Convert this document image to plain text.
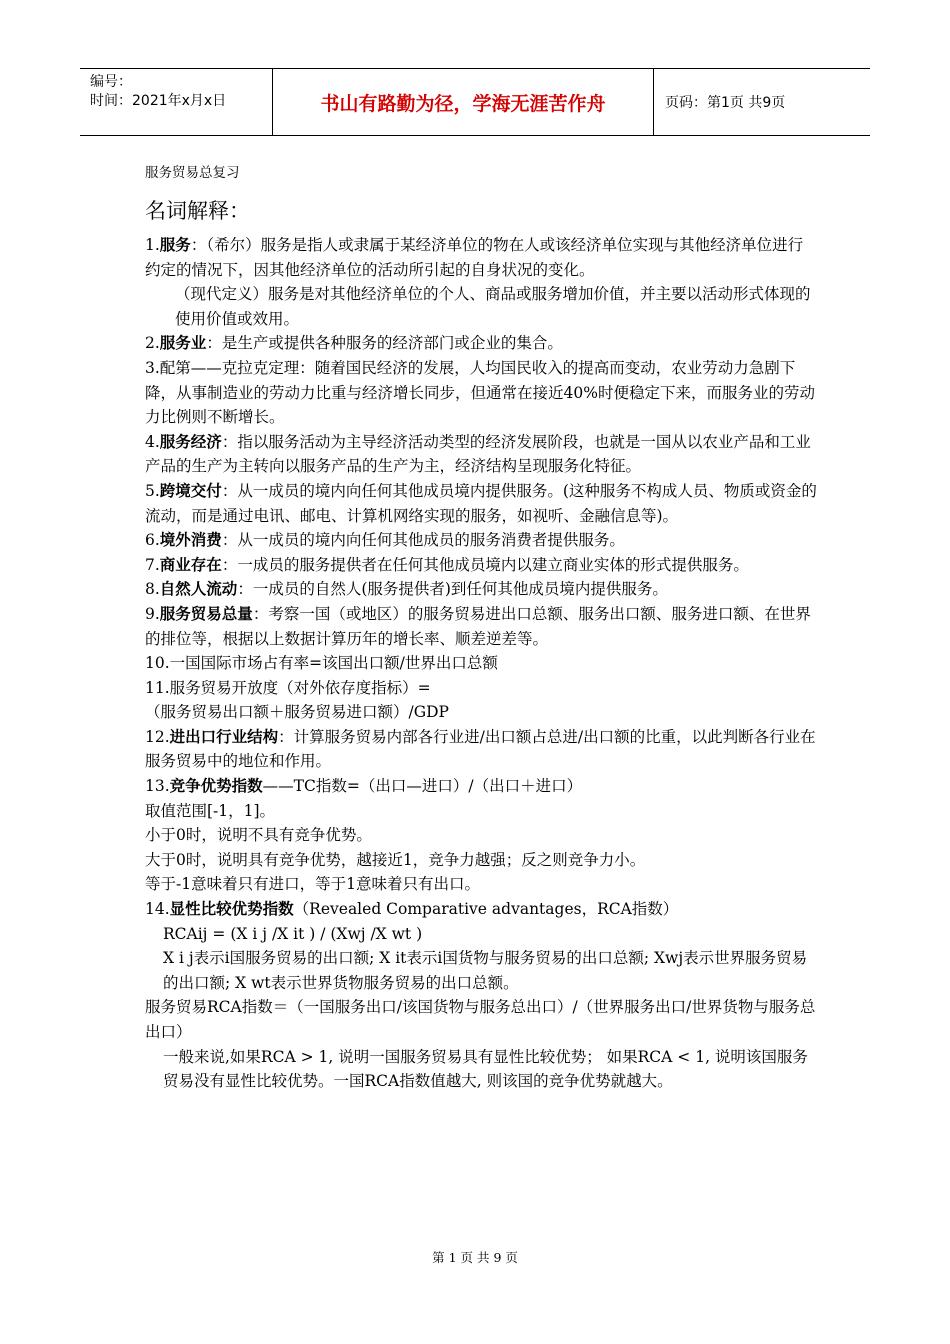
编号：
时间：2021年x月x日	书山有路勤为径，学海无涯苦作舟	页码：第1页 共9页
服务贸易总复习
名词解释：

1.服务：（希尔）服务是指人或隶属于某经济单位的物在人或该经济单位实现与其他经济单位进行约定的情况下，因其他经济单位的活动所引起的自身状况的变化。

（现代定义）服务是对其他经济单位的个人、商品或服务增加价值，并主要以活动形式体现的使用价值或效用。

2.服务业：是生产或提供各种服务的经济部门或企业的集合。

3.配第——克拉克定理：随着国民经济的发展，人均国民收入的提高而变动，农业劳动力急剧下降，从事制造业的劳动力比重与经济增长同步，但通常在接近40%时便稳定下来，而服务业的劳动力比例则不断增长。

4.服务经济：指以服务活动为主导经济活动类型的经济发展阶段，也就是一国从以农业产品和工业产品的生产为主转向以服务产品的生产为主，经济结构呈现服务化特征。

5.跨境交付：从一成员的境内向任何其他成员境内提供服务。(这种服务不构成人员、物质或资金的流动，而是通过电讯、邮电、计算机网络实现的服务，如视听、金融信息等)。

6.境外消费：从一成员的境内向任何其他成员的服务消费者提供服务。

7.商业存在：一成员的服务提供者在任何其他成员境内以建立商业实体的形式提供服务。

8.自然人流动：一成员的自然人(服务提供者)到任何其他成员境内提供服务。

9.服务贸易总量：考察一国（或地区）的服务贸易进出口总额、服务出口额、服务进口额、在世界的排位等，根据以上数据计算历年的增长率、顺差逆差等。

10.一国国际市场占有率=该国出口额/世界出口总额

11.服务贸易开放度（对外依存度指标）=

（服务贸易出口额＋服务贸易进口额）/GDP

12.进出口行业结构：计算服务贸易内部各行业进/出口额占总进/出口额的比重，以此判断各行业在服务贸易中的地位和作用。

13.竞争优势指数——TC指数=（出口—进口）/（出口＋进口）

取值范围[-1，1]。

小于0时，说明不具有竞争优势。

大于0时，说明具有竞争优势，越接近1，竞争力越强；反之则竞争力小。

等于-1意味着只有进口，等于1意味着只有出口。

14.显性比较优势指数（Revealed Comparative advantages，RCA指数）

RCAij = (X i j /X it ) / (Xwj /X wt )

X i j表示i国服务贸易的出口额; X it表示i国货物与服务贸易的出口总额; Xwj表示世界服务贸易的出口额; X wt表示世界货物服务贸易的出口总额。

服务贸易RCA指数＝（一国服务出口/该国货物与服务总出口）/（世界服务出口/世界货物与服务总出口）

一般来说,如果RCA > 1, 说明一国服务贸易具有显性比较优势； 如果RCA < 1, 说明该国服务贸易没有显性比较优势。一国RCA指数值越大, 则该国的竞争优势就越大。

第 1 页 共 9 页
